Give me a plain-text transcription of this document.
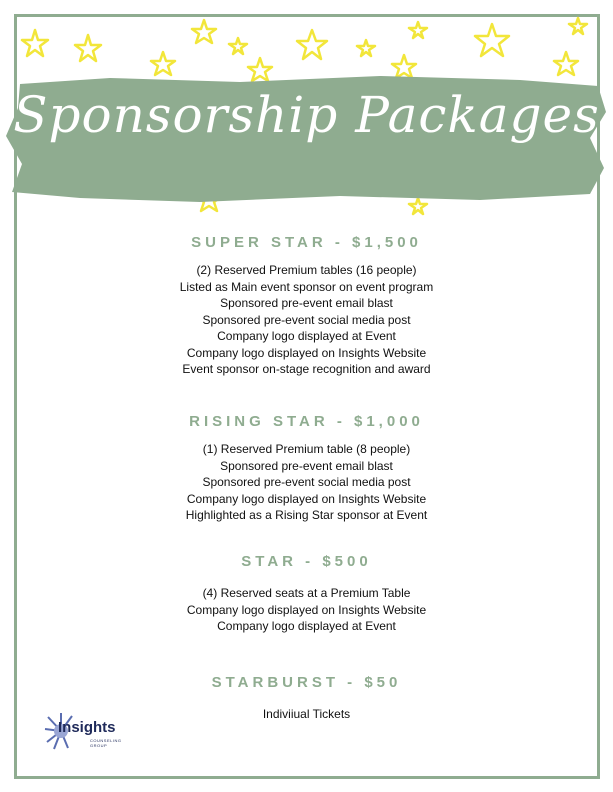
Sponsorship Packages
SUPER STAR - $1,500
(2) Reserved Premium tables (16 people)
Listed as Main event sponsor on event program
Sponsored pre-event email blast
Sponsored pre-event social media post
Company logo displayed at Event
Company logo displayed on Insights Website
Event sponsor on-stage recognition and award
RISING STAR - $1,000
(1) Reserved Premium table (8 people)
Sponsored pre-event email blast
Sponsored pre-event social media post
Company logo displayed on Insights Website
Highlighted as a Rising Star sponsor at Event
STAR - $500
(4) Reserved seats at a Premium Table
Company logo displayed on Insights Website
Company logo displayed at Event
STARBURST - $50
Indiviiual Tickets
Insights
COUNSELING GROUP
